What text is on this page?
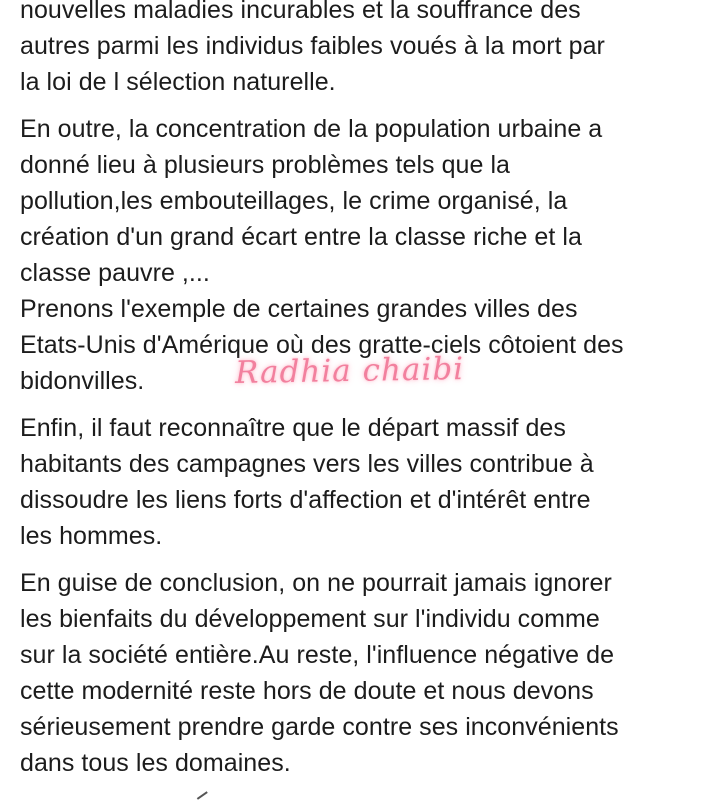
nouvelles maladies incurables et la souffrance des
autres parmi les individus faibles voués à la mort par
la loi de l sélection naturelle.

En outre, la concentration de la population urbaine a
donné lieu à plusieurs problèmes tels que la
pollution,les embouteillages, le crime organisé, la
création d'un grand écart entre la classe riche et la
classe pauvre ,...

Prenons l'exemple de certaines grandes villes des
Etats-Unis d'Amérique où des gratte-ciels côtoient des
bidonvilles.

Enfin, il faut reconnaître que le départ massif des
habitants des campagnes vers les villes contribue à
dissoudre les liens forts d'affection et d'intérêt entre
les hommes.

En guise de conclusion, on ne pourrait jamais ignorer
les bienfaits du développement sur l'individu comme
sur la société entière.Au reste, l'influence négative de
cette modernité reste hors de doute et nous devons
sérieusement prendre garde contre ses inconvénients
dans tous les domaines.

Radhia chaibi
